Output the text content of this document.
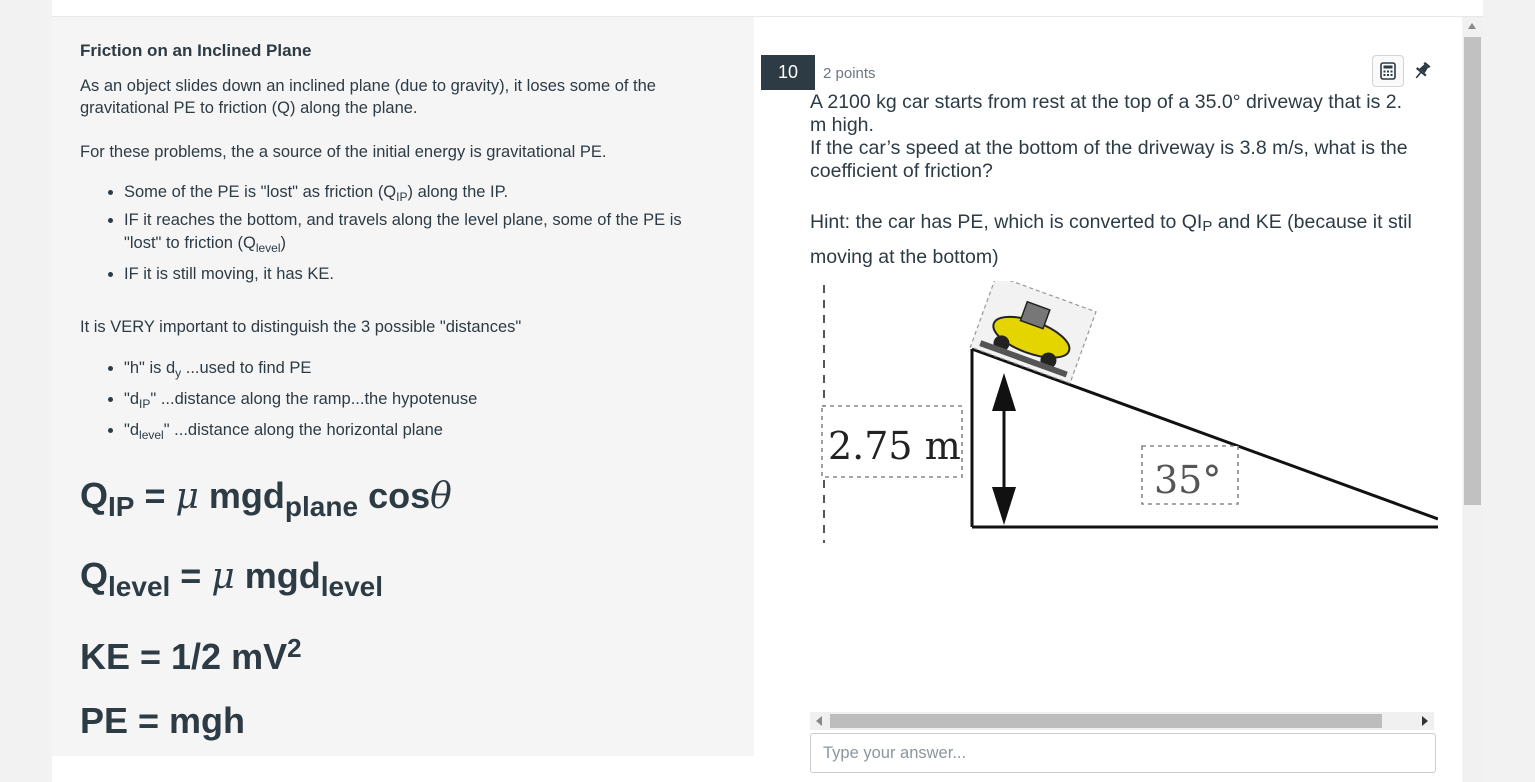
Friction on an Inclined Plane
As an object slides down an inclined plane (due to gravity), it loses some of the
gravitational PE to friction (Q) along the plane.
For these problems, the a source of the initial energy is gravitational PE.
• Some of the PE is "lost" as friction $(Q_{IP})$ along the IP.
• IF it reaches the bottom, and travels along the level plane, some of the PE is
"lost" to friction $(Q_{level})$
• IF it is still moving, it has KE.
It is VERY important to distinguish the 3 possible "distances"
• "h" is $d_y$ ...used to find PE
• "$d_{IP}$" ...distance along the ramp...the hypotenuse
• "$d_{level}$" ...distance along the horizontal plane
$Q_{IP} = \mu$ mgd$_{plane}$ cosθ
$Q_{level} = \mu$ mgd$_{level}$
KE = 1/2 $mV^2$
PE = mgh
10	2 points
A 2100 kg car starts from rest at the top of a 35.0° driveway that is 2.
m high.
If the car’s speed at the bottom of the driveway is 3.8 m/s, what is the
coefficient of friction?
Hint: the car has PE, which is converted to $QI_P$ and KE (because it stil
moving at the bottom)
2.75 m
35°
Type your answer...
